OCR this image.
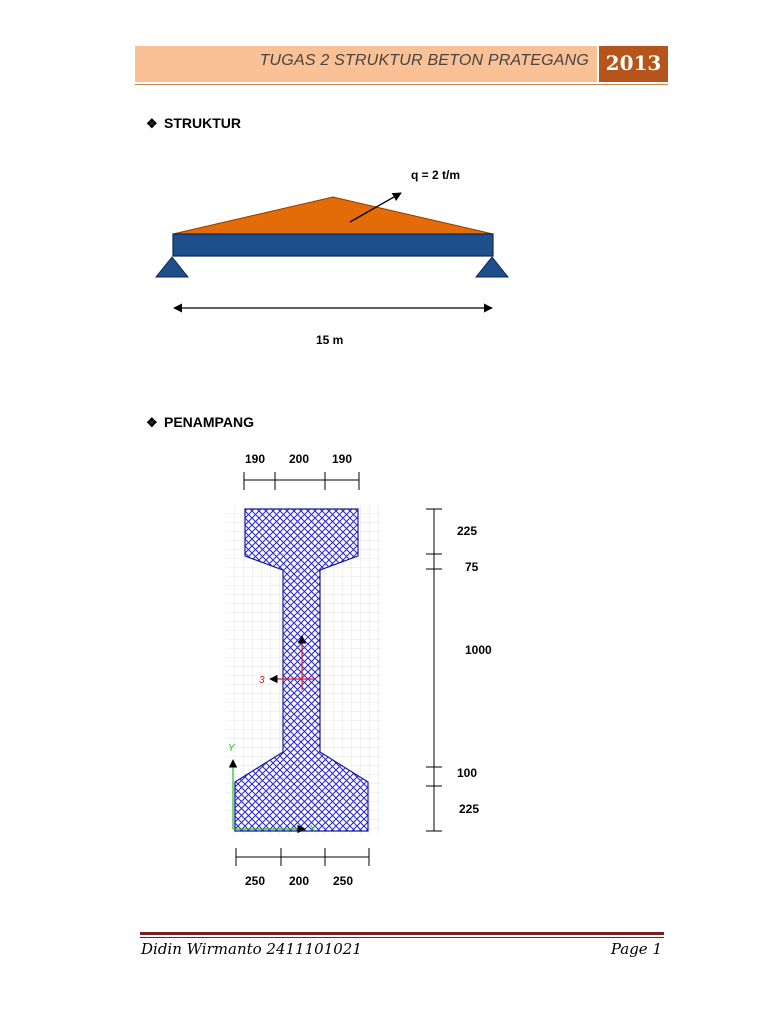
TUGAS 2 STRUKTUR BETON PRATEGANG 2013
❖ STRUKTUR
q = 2 t/m
15 m
3
Y
X
190 200 190
225
75
1000
100
225
250 200 250
❖ PENAMPANG
Didin Wirmanto 2411101021	Page 1
